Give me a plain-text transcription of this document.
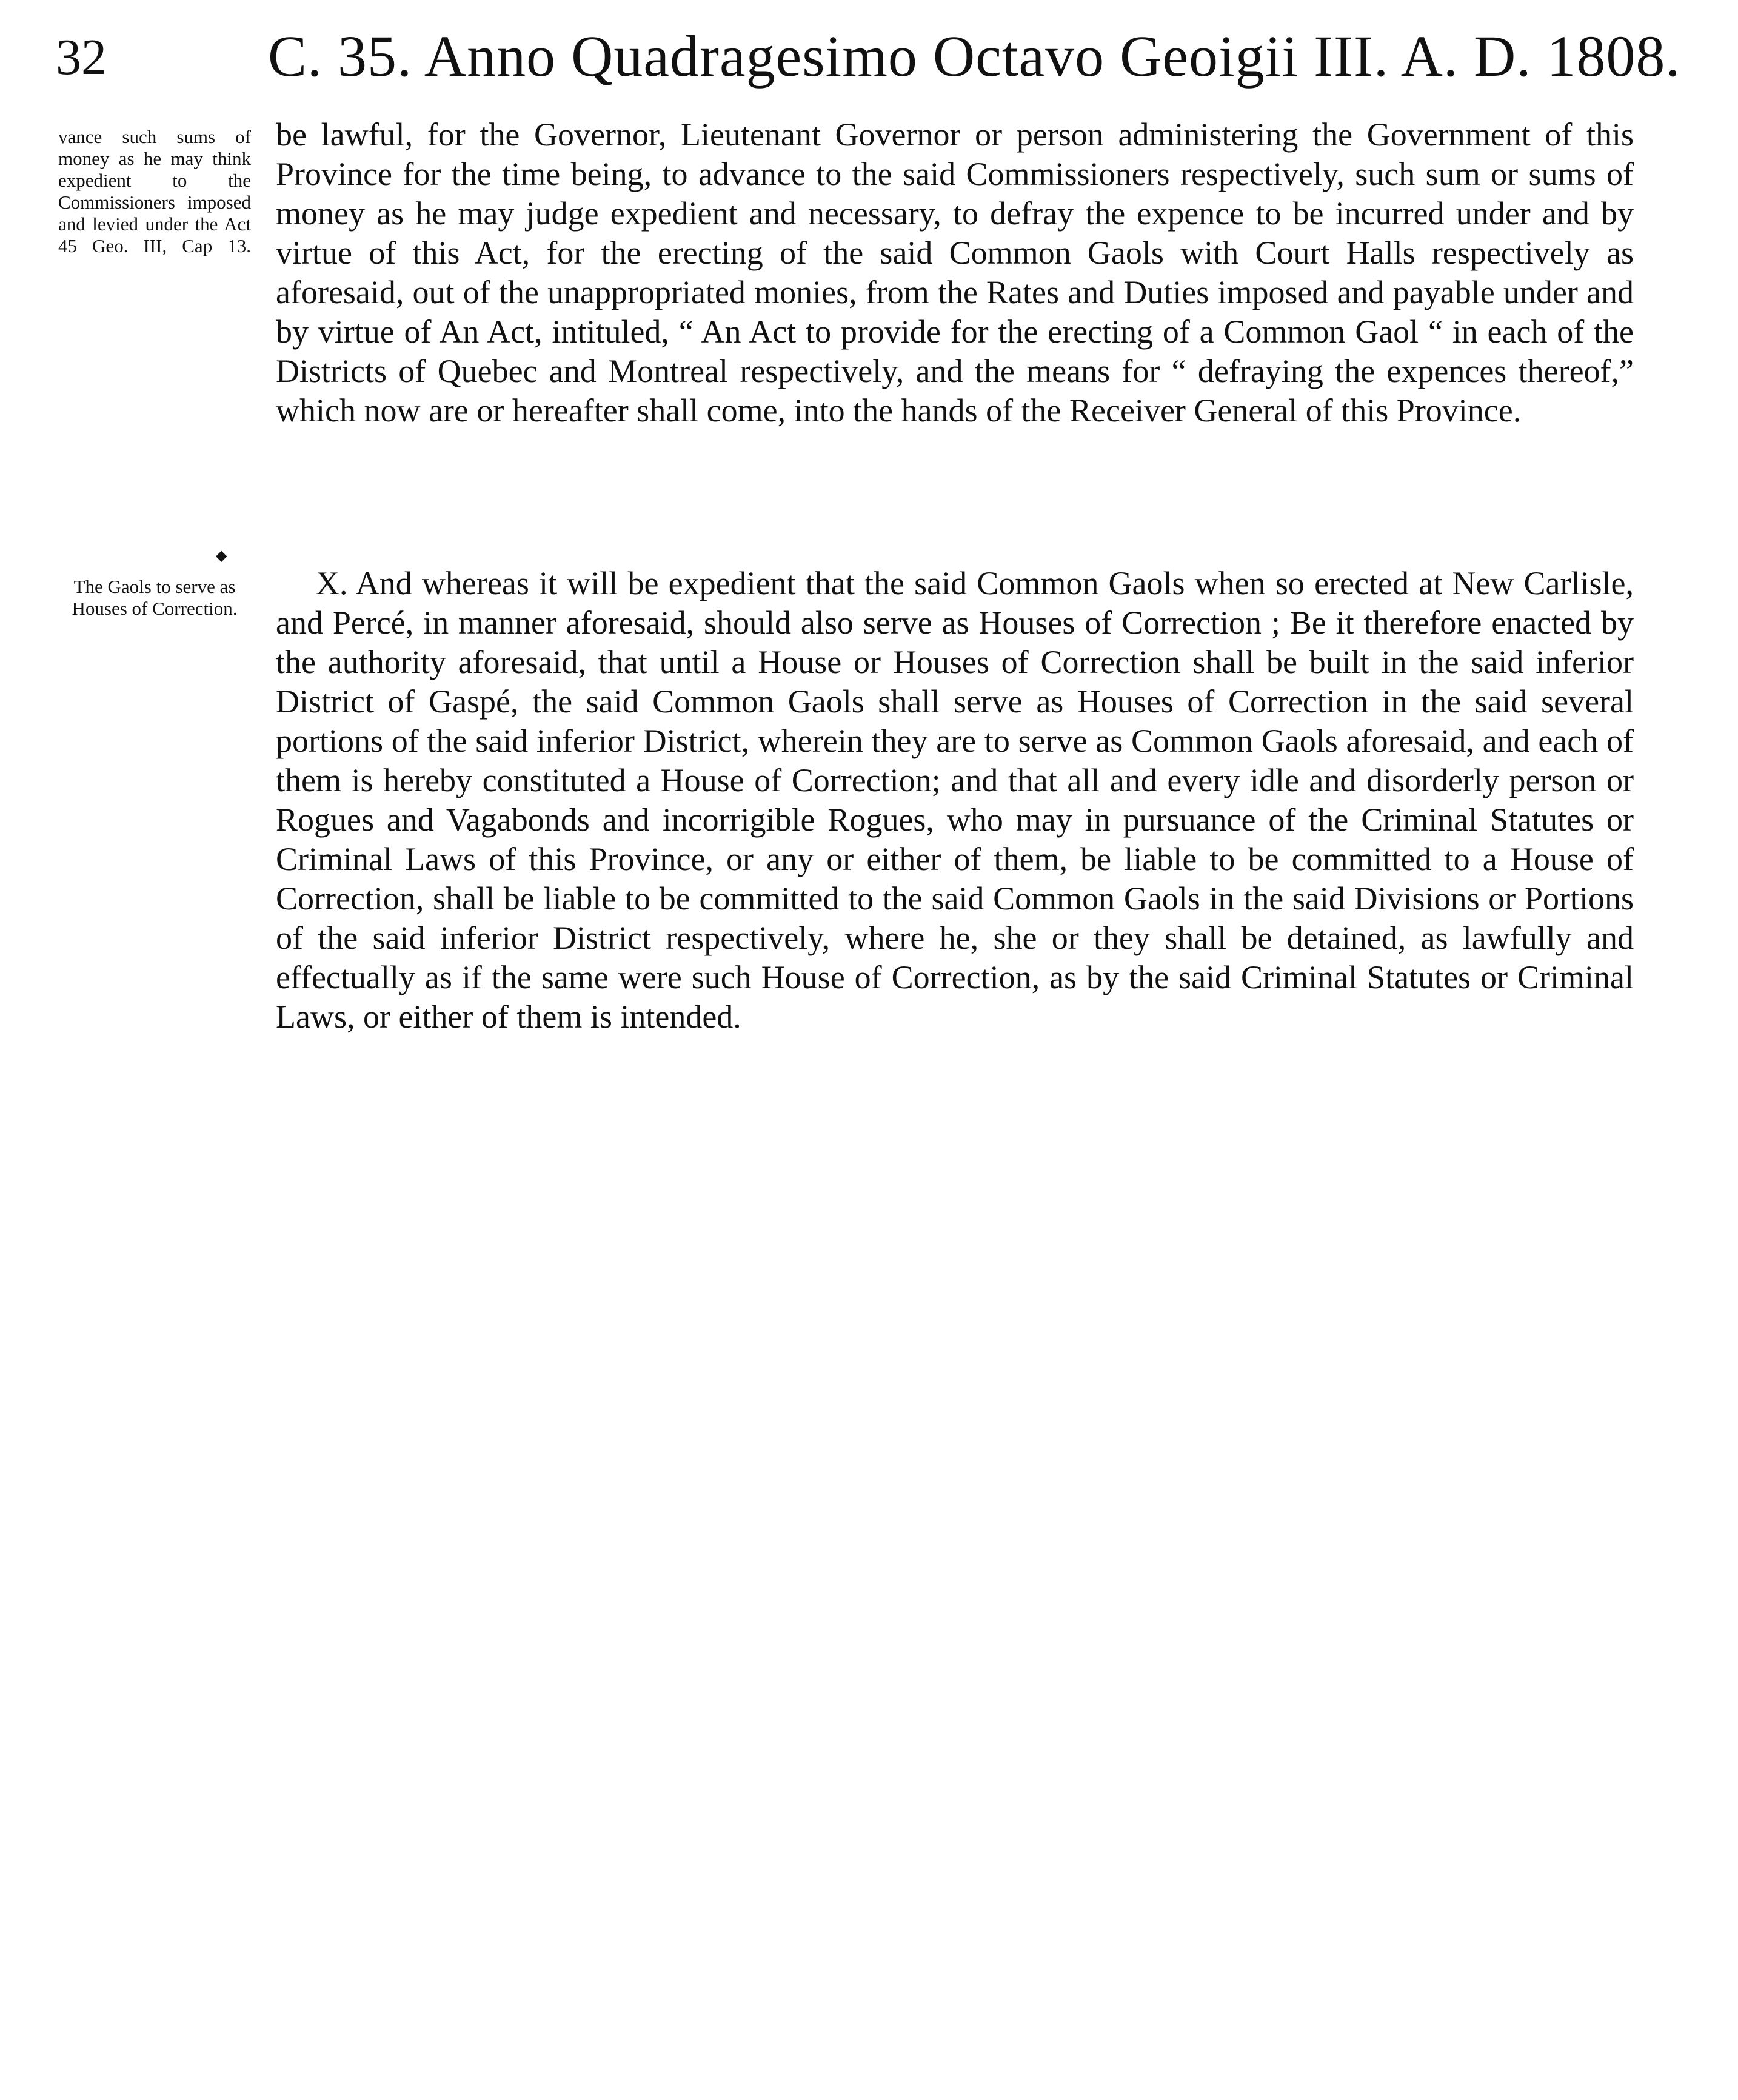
32	C. 35. Anno Quadragesimo Octavo Geoigii III. A. D. 1808.
vance such sums of money as he may think expedient to the Commissioners imposed and levied under the Act 45 Geo. III, Cap 13.
be lawful, for the Governor, Lieutenant Governor or person administering the Government of this Province for the time being, to advance to the said Commissioners respectively, such sum or sums of money as he may judge expedient and necessary, to defray the expence to be incurred under and by virtue of this Act, for the erecting of the said Common Gaols with Court Halls respectively as aforesaid, out of the unappropriated monies, from the Rates and Duties imposed and payable under and by virtue of An Act, intituled, “ An Act to provide for the erecting of a Common Gaol “ in each of the Districts of Quebec and Montreal respectively, and the means for “ defraying the expences thereof,” which now are or hereafter shall come, into the hands of the Receiver General of this Province.
◆
The Gaols to serve as Houses of Correction.
X. And whereas it will be expedient that the said Common Gaols when so erected at New Carlisle, and Percé, in manner aforesaid, should also serve as Houses of Correction ; Be it therefore enacted by the authority aforesaid, that until a House or Houses of Correction shall be built in the said inferior District of Gaspé, the said Common Gaols shall serve as Houses of Correction in the said several portions of the said inferior District, wherein they are to serve as Common Gaols aforesaid, and each of them is hereby constituted a House of Correction; and that all and every idle and disorderly person or Rogues and Vagabonds and incorrigible Rogues, who may in pursuance of the Criminal Statutes or Criminal Laws of this Province, or any or either of them, be liable to be committed to a House of Correction, shall be liable to be committed to the said Common Gaols in the said Divisions or Portions of the said inferior District respectively, where he, she or they shall be detained, as lawfully and effectually as if the same were such House of Correction, as by the said Criminal Statutes or Criminal Laws, or either of them is intended.
